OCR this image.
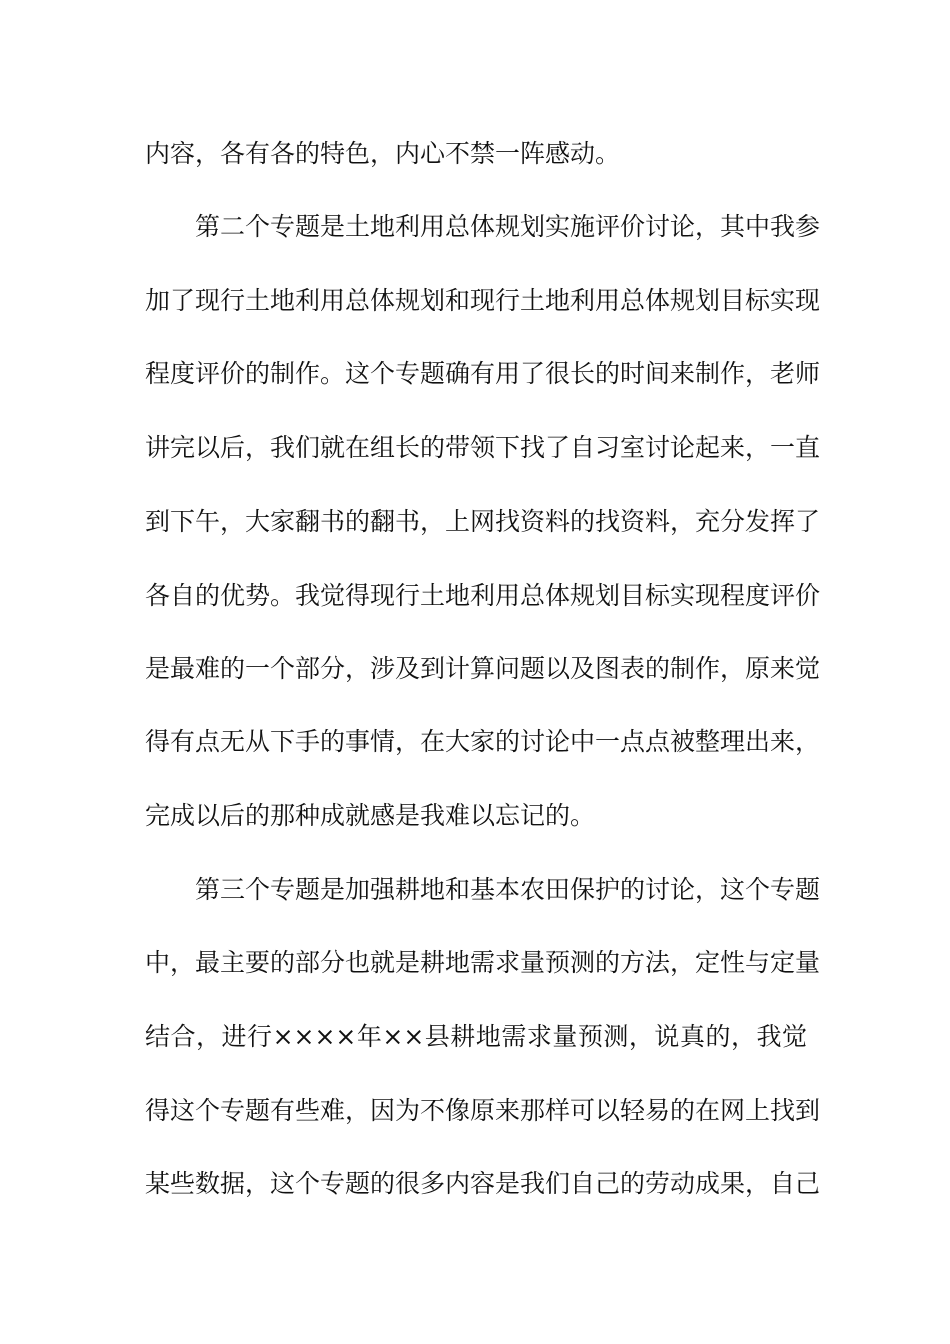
内容，各有各的特色，内心不禁一阵感动。
第二个专题是土地利用总体规划实施评价讨论，其中我参
加了现行土地利用总体规划和现行土地利用总体规划目标实现
程度评价的制作。这个专题确有用了很长的时间来制作，老师
讲完以后，我们就在组长的带领下找了自习室讨论起来，一直
到下午，大家翻书的翻书，上网找资料的找资料，充分发挥了
各自的优势。我觉得现行土地利用总体规划目标实现程度评价
是最难的一个部分，涉及到计算问题以及图表的制作，原来觉
得有点无从下手的事情，在大家的讨论中一点点被整理出来，
完成以后的那种成就感是我难以忘记的。
第三个专题是加强耕地和基本农田保护的讨论，这个专题
中，最主要的部分也就是耕地需求量预测的方法，定性与定量
结合，进行××××年××县耕地需求量预测，说真的，我觉
得这个专题有些难，因为不像原来那样可以轻易的在网上找到
某些数据，这个专题的很多内容是我们自己的劳动成果，自己
